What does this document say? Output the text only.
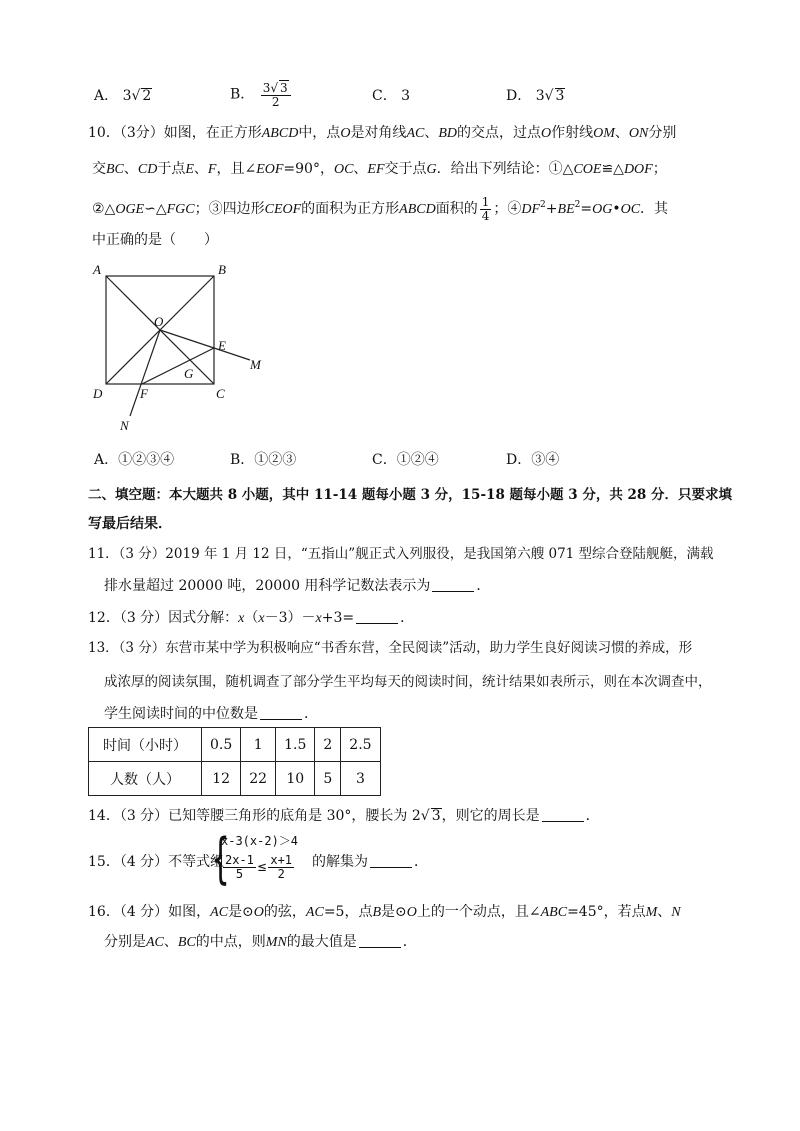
A． 3√ 2	B． $\frac{3√ 3}{2}$	C． 3	D． 3√ 3
10．（3分）如图，在正方形ABCD中，点O是对角线AC、BD的交点，过点O作射线OM、ON分别
交BC、CD于点E、F，且∠EOF=90°，OC、EF交于点G．给出下列结论：①△COE≌△DOF；
②△OGE∽△FGC；③四边形CEOF的面积为正方形ABCD面积的 $\frac{1}{4}$ ；$④DF^2+BE^2=OG•OC$．其
中正确的是（　　）
A	B
C
D
O
E
F
G
M
N
A．①②③④	B．①②③	C．①②④	D．③④
二、填空题：本大题共 8 小题，其中 11-14 题每小题 3 分，15-18 题每小题 3 分，共 28 分．只要求填
写最后结果．
11．（3 分）2019 年 1 月 12 日，“五指山”舰正式入列服役，是我国第六艘 071 型综合登陆舰艇，满载
排水量超过 20000 吨，20000 用科学记数法表示为	．
12．（3 分）因式分解：x（x－3）－x+3=	．
13．（3 分）东营市某中学为积极响应“书香东营，全民阅读”活动，助力学生良好阅读习惯的养成，形
成浓厚的阅读氛围，随机调查了部分学生平均每天的阅读时间，统计结果如表所示，则在本次调查中，
学生阅读时间的中位数是	．
时间（小时）	0.5	1	1.5	2	2.5
人数（人）	12	22	10	5	3
14．（3 分）已知等腰三角形的底角是 30°，腰长为 2√ 3，则它的周长是	．
15．（4 分）不等式组
{
x-3(x-2)＞4
$\frac{2x-1}{5} \le \frac{x+1}{2}$ 的解集为	．
16．（4 分）如图，AC是⊙O的弦，AC=5，点B是⊙O上的一个动点，且∠ABC=45°，若点M、N
分别是AC、BC的中点，则MN的最大值是	．
